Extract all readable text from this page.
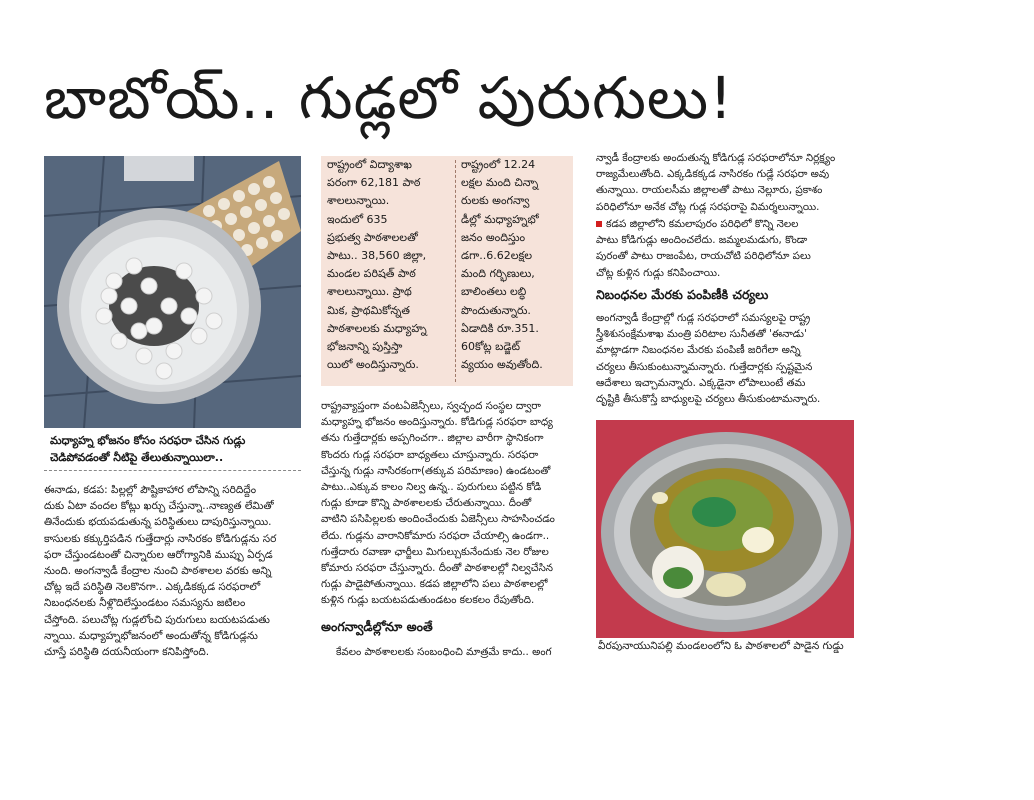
బాబోయ్.. గుడ్లలో పురుగులు!
మధ్యాహ్న భోజనం కోసం సరఫరా చేసిన గుడ్లు
చెడిపోవడంతో నీటిపై తేలుతున్నాయిలా..
ఈనాడు, కడప: పిల్లల్లో పౌష్టికాహార లోపాన్ని సరిదిద్దేం
దుకు ఏటా వందల కోట్లు ఖర్చు చేస్తున్నా..నాణ్యత లేమితో
తినేందుకు భయపడుతున్న పరిస్థితులు దాపురిస్తున్నాయి.
కాసులకు కక్కుర్తిపడిన గుత్తేదార్లు నాసిరకం కోడిగుడ్లను సర
ఫరా చేస్తుండటంతో చిన్నారుల ఆరోగ్యానికి ముప్పు ఏర్పడ
నుంది. అంగన్వాడీ కేంద్రాల నుంచి పాఠశాలల వరకు అన్ని
చోట్ల ఇదే పరిస్థితి నెలకొనగా.. ఎక్కడికక్కడ సరఫరాలో
నిబంధనలకు నీళ్లొదిలేస్తుండటం సమస్యను జటిలం
చేస్తోంది. పలుచోట్ల గుడ్లలోంచి పురుగులు బయటపడుతు
న్నాయి. మధ్యాహ్నభోజనంలో అందుతోన్న కోడిగుడ్లను
చూస్తే పరిస్థితి దయనీయంగా కనిపిస్తోంది.
రాష్ట్రంలో విద్యాశాఖ
పరంగా 62,181 పాఠ
శాలలున్నాయి.
ఇందులో 635
ప్రభుత్వ పాఠశాలలతో
పాటు.. 38,560 జిల్లా,
మండల పరిషత్ పాఠ
శాలలున్నాయి. ప్రాథ
మిక, ప్రాథమికోన్నత
పాఠశాలలకు మధ్యాహ్న
భోజనాన్ని పుస్తిస్తా
యిలో అందిస్తున్నారు.
రాష్ట్రంలో 12.24
లక్షల మంది చిన్నా
రులకు అంగన్వా
డీల్లో మధ్యాహ్నభో
జనం అందిస్తుం
డగా..6.62లక్షల
మంది గర్భిణులు,
బాలింతలు లబ్ధి
పొందుతున్నారు.
ఏడాదికి రూ.351.
60కోట్ల బడ్జెట్
వ్యయం అవుతోంది.
రాష్ట్రవ్యాప్తంగా వంటఏజెన్సీలు, స్వచ్ఛంద సంస్థల ద్వారా
మధ్యాహ్న భోజనం అందిస్తున్నారు. కోడిగుడ్ల సరఫరా బాధ్య
తను గుత్తేదార్లకు అప్పగించగా.. జిల్లాల వారీగా స్థానికంగా
కొందరు గుడ్ల సరఫరా బాధ్యతలు చూస్తున్నారు. సరఫరా
చేస్తున్న గుడ్లు నాసిరకంగా(తక్కువ పరిమాణం) ఉండటంతో
పాటు..ఎక్కువ కాలం నిల్వ ఉన్న.. పురుగులు పట్టిన కోడి
గుడ్లు కూడా కొన్ని పాఠశాలలకు చేరుతున్నాయి. దీంతో
వాటిని పసిపిల్లలకు అందించేందుకు ఏజెన్సీలు సాహసించడం
లేదు. గుడ్లను వారానికోమారు సరఫరా చేయాల్సి ఉండగా..
గుత్తేదారు రవాణా ఛార్జీలు మిగుల్చుకునేందుకు నెల రోజుల
కోమారు సరఫరా చేస్తున్నారు. దీంతో పాఠశాలల్లో నిల్వచేసిన
గుడ్లు పాడైపోతున్నాయి. కడప జిల్లాలోని పలు పాఠశాలల్లో
కుళ్లిన గుడ్లు బయటపడుతుండటం కలకలం రేపుతోంది.
అంగన్వాడీల్లోనూ అంతే
కేవలం పాఠశాలలకు సంబంధించి మాత్రమే కాదు.. అంగ
న్వాడీ కేంద్రాలకు అందుతున్న కోడిగుడ్ల సరఫరాలోనూ నిర్లక్ష్యం
రాజ్యమేలుతోంది. ఎక్కడికక్కడ నాసిరకం గుడ్లే సరఫరా అవు
తున్నాయి. రాయలసీమ జిల్లాలతో పాటు నెల్లూరు, ప్రకాశం
పరిధిలోనూ అనేక చోట్ల గుడ్ల సరఫరాపై విమర్శలున్నాయి.
కడప జిల్లాలోని కమలాపురం పరిధిలో కొన్ని నెలల
పాటు కోడిగుడ్లు అందించలేదు. జమ్మలమడుగు, కొండా
పురంతో పాటు రాజంపేట, రాయచోటి పరిధిలోనూ పలు
చోట్ల కుళ్లిన గుడ్లు కనిపించాయి.
నిబంధనల మేరకు పంపిణీకి చర్యలు
అంగన్వాడీ కేంద్రాల్లో గుడ్ల సరఫరాలో సమస్యలపై రాష్ట్ర
స్త్రీశిశుసంక్షేమశాఖ మంత్రి పరిటాల సునీతతో 'ఈనాడు'
మాట్లాడగా నిబంధనల మేరకు పంపిణీ జరిగేలా అన్ని
చర్యలు తీసుకుంటున్నామన్నారు. గుత్తేదార్లకు స్పష్టమైన
ఆదేశాలు ఇచ్చామన్నారు. ఎక్కడైనా లోపాలుంటే తమ
దృష్టికి తీసుకొస్తే బాధ్యులపై చర్యలు తీసుకుంటామన్నారు.
వీరపునాయునిపల్లి మండలంలోని ఓ పాఠశాలలో పాడైన గుడ్డు
